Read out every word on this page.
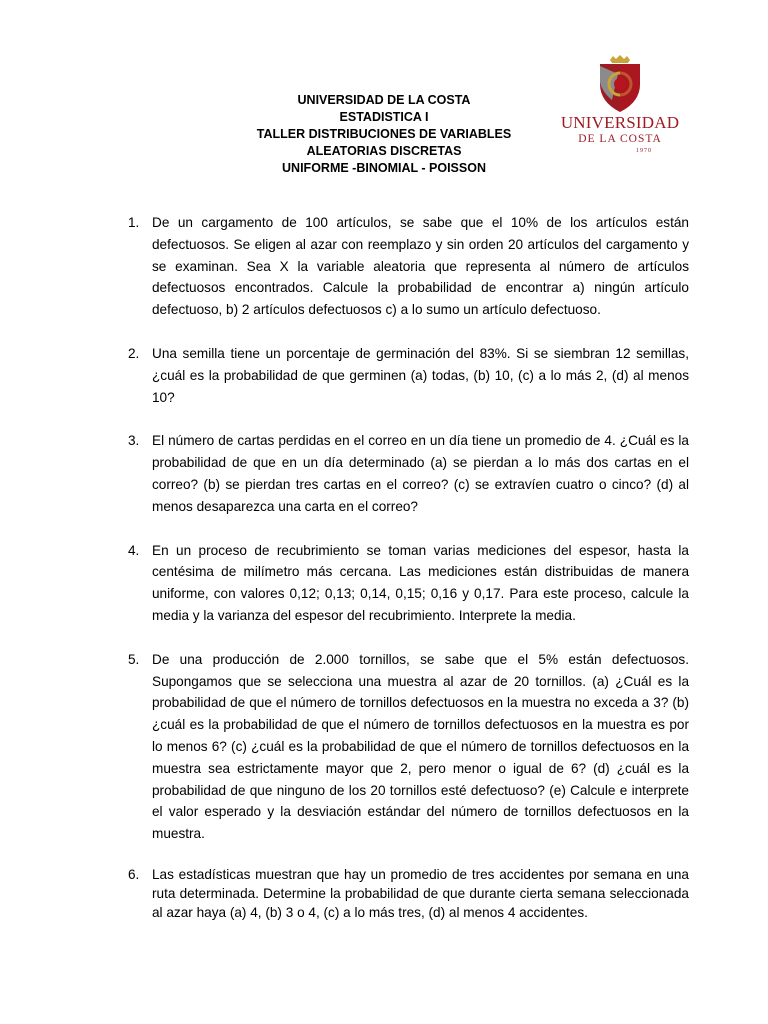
UNIVERSIDAD DE LA COSTA
ESTADISTICA I
TALLER DISTRIBUCIONES DE VARIABLES
ALEATORIAS DISCRETAS
UNIFORME -BINOMIAL - POISSON
UNIVERSIDAD
DE LA COSTA
1970
1. De un cargamento de 100 artículos, se sabe que el 10% de los artículos están defectuosos. Se eligen al azar con reemplazo y sin orden 20 artículos del cargamento y se examinan. Sea X la variable aleatoria que representa al número de artículos defectuosos encontrados. Calcule la probabilidad de encontrar a) ningún artículo defectuoso, b) 2 artículos defectuosos c) a lo sumo un artículo defectuoso.
2. Una semilla tiene un porcentaje de germinación del 83%. Si se siembran 12 semillas, ¿cuál es la probabilidad de que germinen (a) todas, (b) 10, (c) a lo más 2, (d) al menos 10?
3. El número de cartas perdidas en el correo en un día tiene un promedio de 4. ¿Cuál es la probabilidad de que en un día determinado (a) se pierdan a lo más dos cartas en el correo? (b) se pierdan tres cartas en el correo? (c) se extravíen cuatro o cinco? (d) al menos desaparezca una carta en el correo?
4. En un proceso de recubrimiento se toman varias mediciones del espesor, hasta la centésima de milímetro más cercana. Las mediciones están distribuidas de manera uniforme, con valores 0,12; 0,13; 0,14, 0,15; 0,16 y 0,17. Para este proceso, calcule la media y la varianza del espesor del recubrimiento. Interprete la media.
5. De una producción de 2.000 tornillos, se sabe que el 5% están defectuosos. Supongamos que se selecciona una muestra al azar de 20 tornillos. (a) ¿Cuál es la probabilidad de que el número de tornillos defectuosos en la muestra no exceda a 3? (b) ¿cuál es la probabilidad de que el número de tornillos defectuosos en la muestra es por lo menos 6? (c) ¿cuál es la probabilidad de que el número de tornillos defectuosos en la muestra sea estrictamente mayor que 2, pero menor o igual de 6? (d) ¿cuál es la probabilidad de que ninguno de los 20 tornillos esté defectuoso? (e) Calcule e interprete el valor esperado y la desviación estándar del número de tornillos defectuosos en la muestra.
6. Las estadísticas muestran que hay un promedio de tres accidentes por semana en una ruta determinada. Determine la probabilidad de que durante cierta semana seleccionada al azar haya (a) 4, (b) 3 o 4, (c) a lo más tres, (d) al menos 4 accidentes.
